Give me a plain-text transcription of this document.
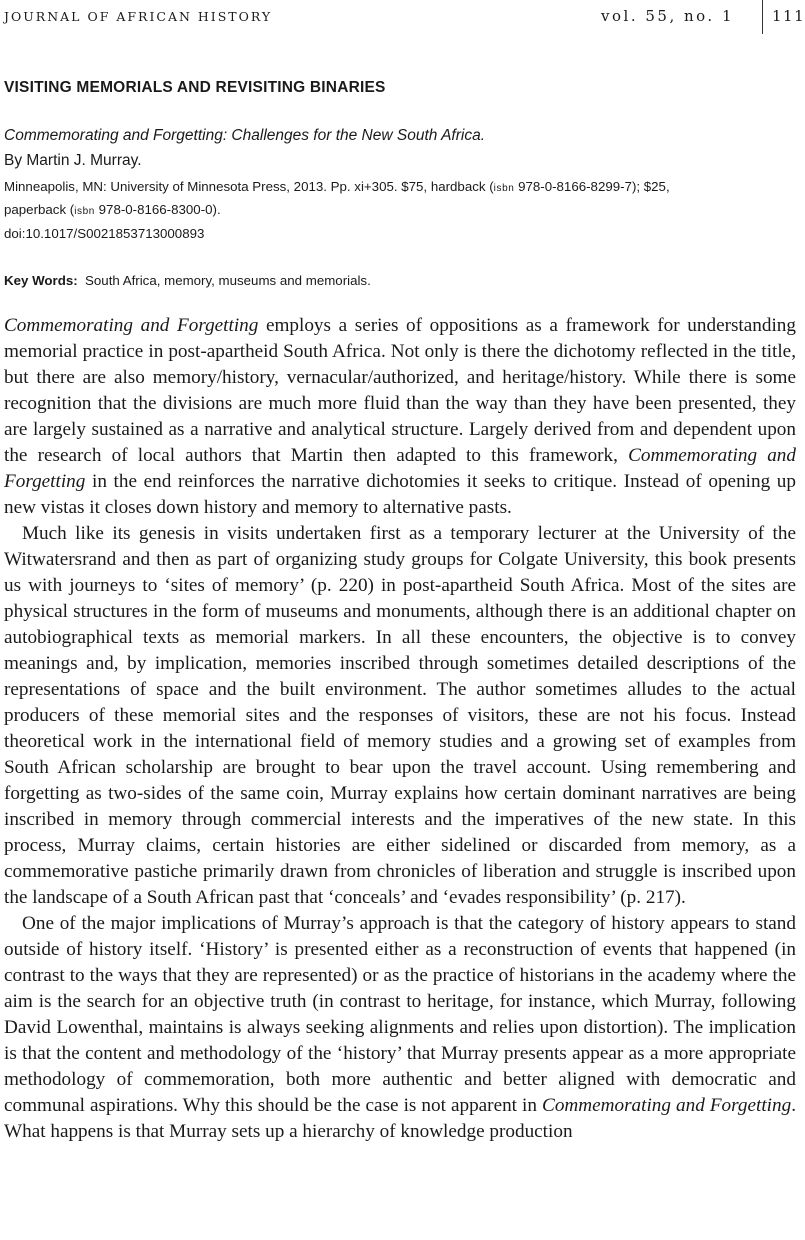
JOURNAL OF AFRICAN HISTORY	vol. 55, no. 1	111
VISITING MEMORIALS AND REVISITING BINARIES
Commemorating and Forgetting: Challenges for the New South Africa.
By Martin J. Murray.
Minneapolis, MN: University of Minnesota Press, 2013. Pp. xi+305. $75, hardback (isbn 978-0-8166-8299-7); $25,
paperback (isbn 978-0-8166-8300-0).
doi:10.1017/S0021853713000893
Key Words: South Africa, memory, museums and memorials.

Commemorating and Forgetting employs a series of oppositions as a framework for understanding memorial practice in post-apartheid South Africa. Not only is there the dichotomy reflected in the title, but there are also memory/history, vernacular/authorized, and heritage/history. While there is some recognition that the divisions are much more fluid than the way than they have been presented, they are largely sustained as a narrative and analytical structure. Largely derived from and dependent upon the research of local authors that Martin then adapted to this framework, Commemorating and Forgetting in the end reinforces the narrative dichotomies it seeks to critique. Instead of opening up new vistas it closes down history and memory to alternative pasts.

Much like its genesis in visits undertaken first as a temporary lecturer at the University of the Witwatersrand and then as part of organizing study groups for Colgate University, this book presents us with journeys to ‘sites of memory’ (p. 220) in post-apartheid South Africa. Most of the sites are physical structures in the form of museums and monuments, although there is an additional chapter on autobiographical texts as memorial markers. In all these encounters, the objective is to convey meanings and, by implication, memories inscribed through sometimes detailed descriptions of the representations of space and the built environment. The author sometimes alludes to the actual producers of these memorial sites and the responses of visitors, these are not his focus. Instead theoretical work in the international field of memory studies and a growing set of examples from South African scholarship are brought to bear upon the travel account. Using remembering and forgetting as two-sides of the same coin, Murray explains how certain dominant narratives are being inscribed in memory through commercial interests and the imperatives of the new state. In this process, Murray claims, certain histories are either sidelined or discarded from memory, as a commemorative pastiche primarily drawn from chronicles of liberation and struggle is inscribed upon the landscape of a South African past that ‘conceals’ and ‘evades responsibility’ (p. 217).

One of the major implications of Murray’s approach is that the category of history appears to stand outside of history itself. ‘History’ is presented either as a reconstruction of events that happened (in contrast to the ways that they are represented) or as the practice of historians in the academy where the aim is the search for an objective truth (in contrast to heritage, for instance, which Murray, following David Lowenthal, maintains is always seeking alignments and relies upon distortion). The implication is that the content and methodology of the ‘history’ that Murray presents appear as a more appropriate methodology of commemoration, both more authentic and better aligned with democratic and communal aspirations. Why this should be the case is not apparent in Commemorating and Forgetting. What happens is that Murray sets up a hierarchy of knowledge production
